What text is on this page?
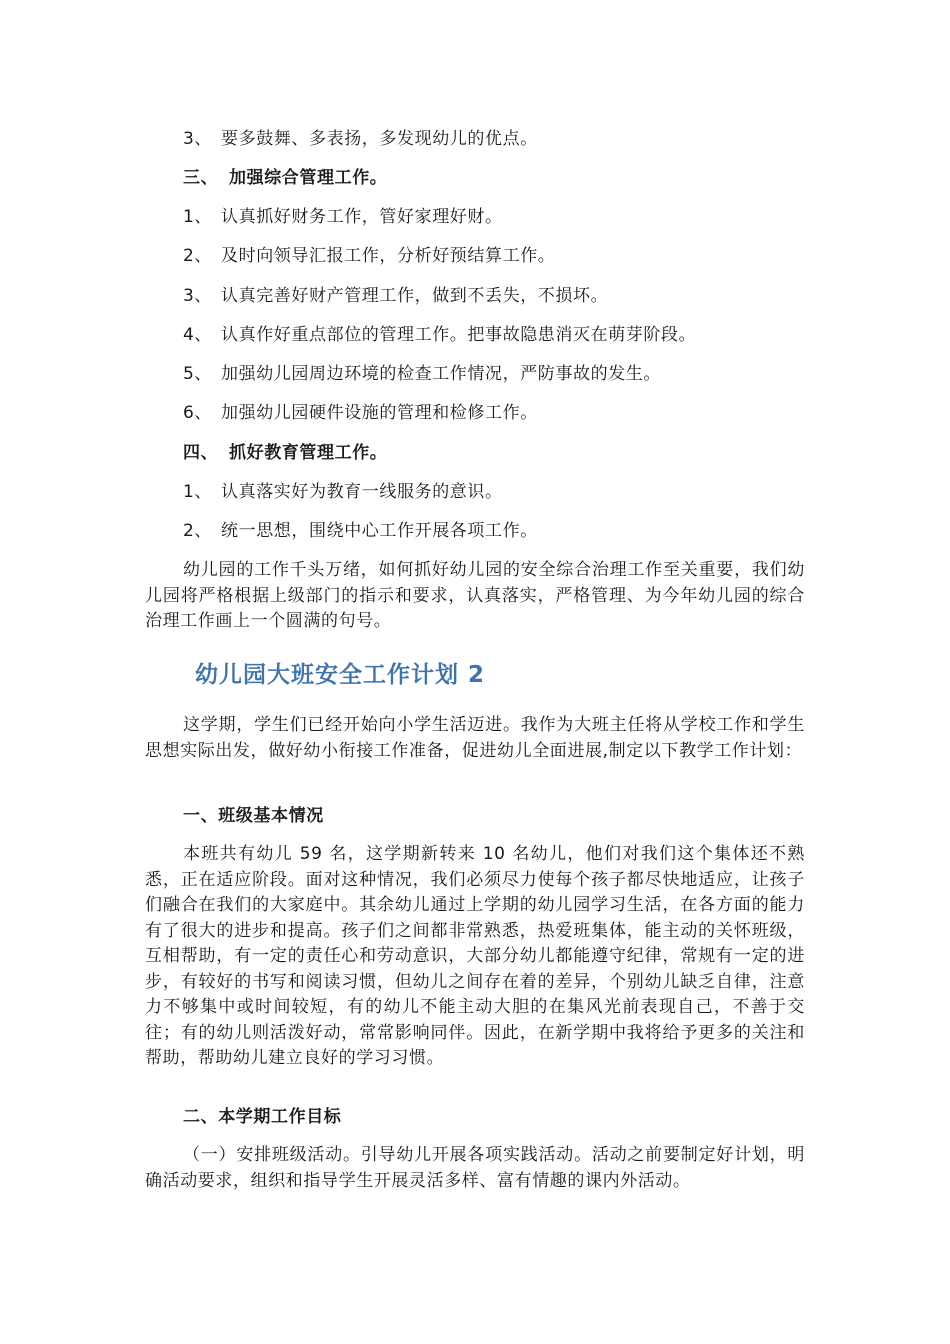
3、 要多鼓舞、多表扬，多发现幼儿的优点。
三、 加强综合管理工作。
1、 认真抓好财务工作，管好家理好财。
2、 及时向领导汇报工作，分析好预结算工作。
3、 认真完善好财产管理工作，做到不丢失，不损坏。
4、 认真作好重点部位的管理工作。把事故隐患消灭在萌芽阶段。
5、 加强幼儿园周边环境的检查工作情况，严防事故的发生。
6、 加强幼儿园硬件设施的管理和检修工作。
四、 抓好教育管理工作。
1、 认真落实好为教育一线服务的意识。
2、 统一思想，围绕中心工作开展各项工作。
幼儿园的工作千头万绪，如何抓好幼儿园的安全综合治理工作至关重要，我们幼儿园将严格根据上级部门的指示和要求，认真落实，严格管理、为今年幼儿园的综合治理工作画上一个圆满的句号。
幼儿园大班安全工作计划 2
这学期，学生们已经开始向小学生活迈进。我作为大班主任将从学校工作和学生思想实际出发，做好幼小衔接工作准备，促进幼儿全面进展,制定以下教学工作计划：
一、班级基本情况
本班共有幼儿 59 名，这学期新转来 10 名幼儿，他们对我们这个集体还不熟悉，正在适应阶段。面对这种情况，我们必须尽力使每个孩子都尽快地适应，让孩子们融合在我们的大家庭中。其余幼儿通过上学期的幼儿园学习生活，在各方面的能力有了很大的进步和提高。孩子们之间都非常熟悉，热爱班集体，能主动的关怀班级，互相帮助，有一定的责任心和劳动意识，大部分幼儿都能遵守纪律，常规有一定的进步，有较好的书写和阅读习惯，但幼儿之间存在着的差异，个别幼儿缺乏自律，注意力不够集中或时间较短，有的幼儿不能主动大胆的在集风光前表现自己，不善于交往；有的幼儿则活泼好动，常常影响同伴。因此，在新学期中我将给予更多的关注和帮助，帮助幼儿建立良好的学习习惯。
二、本学期工作目标
（一）安排班级活动。引导幼儿开展各项实践活动。活动之前要制定好计划，明确活动要求，组织和指导学生开展灵活多样、富有情趣的课内外活动。
